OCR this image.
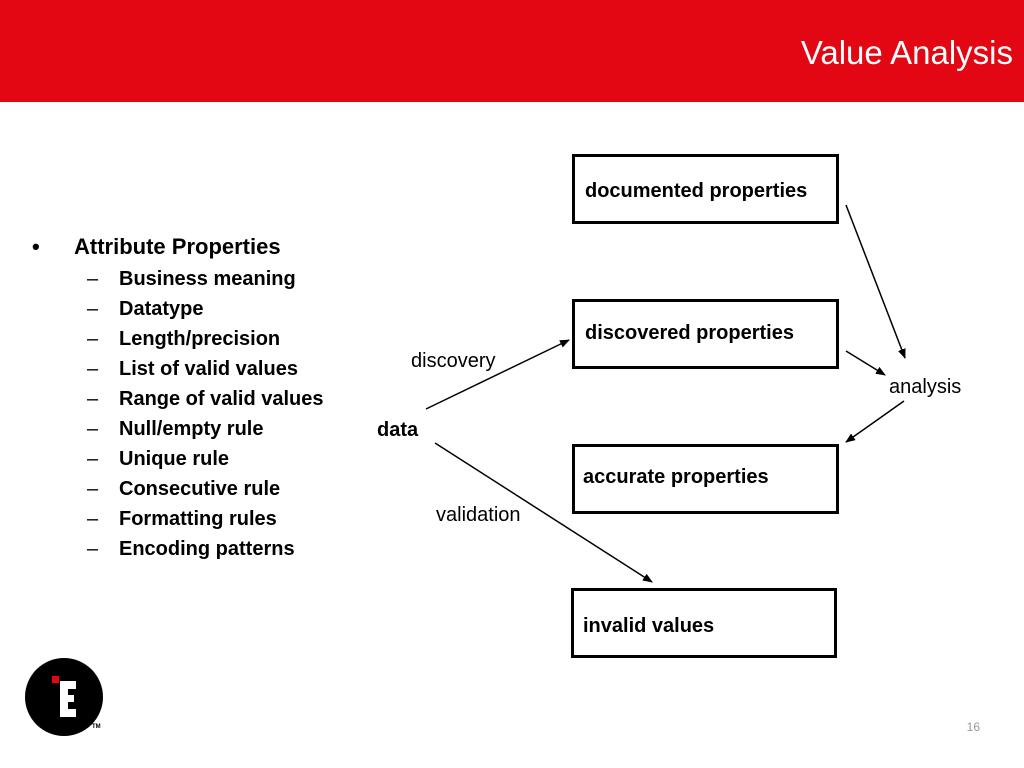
Value Analysis
• Attribute Properties
– Business meaning
– Datatype
– Length/precision
– List of valid values
– Range of valid values
– Null/empty rule
– Unique rule
– Consecutive rule
– Formatting rules
– Encoding patterns
documented properties
discovered properties
accurate properties
invalid values
data
discovery
validation
analysis
TM	16
